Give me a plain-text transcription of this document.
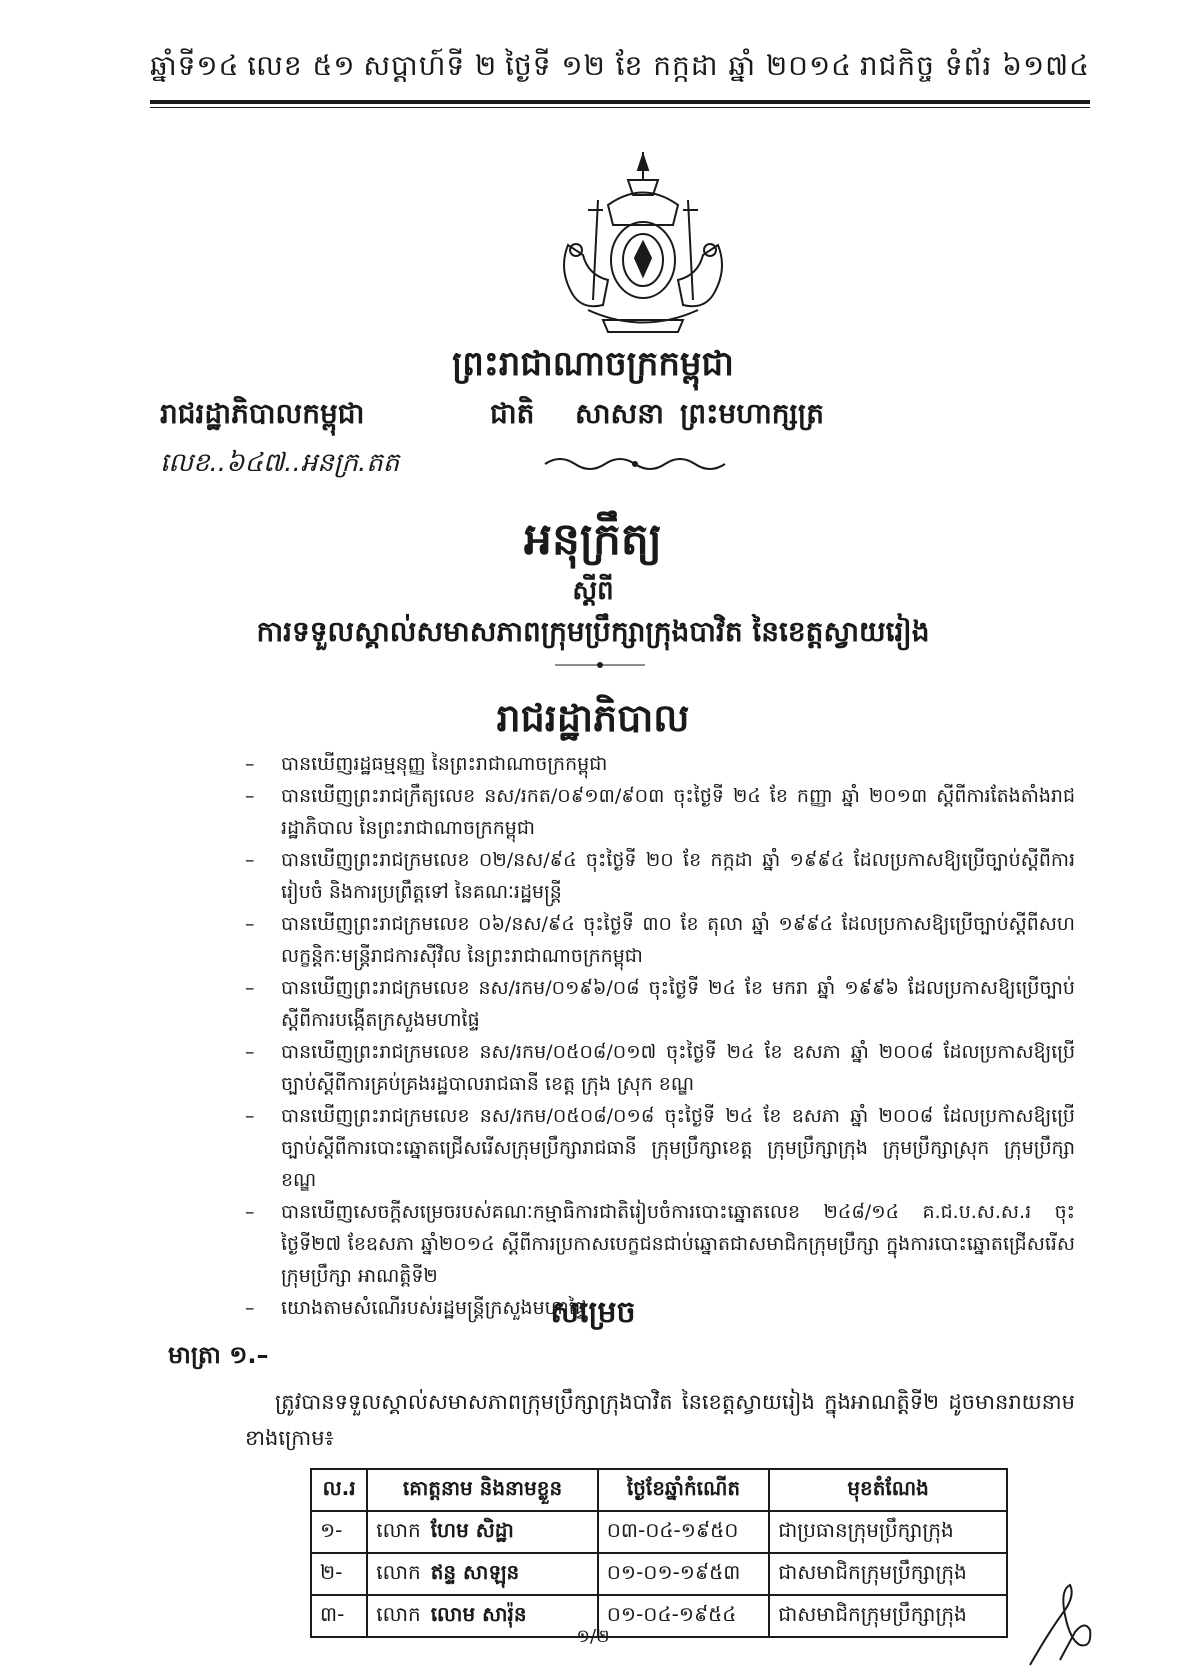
ឆ្នាំទី១៤ លេខ ៥១ សប្តាហ៍ទី ២ ថ្ងៃទី ១២ ខែ កក្កដា ឆ្នាំ ២០១៤ រាជកិច្ច ទំព័រ ៦១៧៤
ព្រះរាជាណាចក្រកម្ពុជា
រាជរដ្ឋាភិបាលកម្ពុជា	ជាតិ សាសនា ព្រះមហាក្សត្រ
លេខ..៦៤៧..អនក្រ.តត
អនុក្រឹត្យ
ស្តីពី
ការទទួលស្គាល់សមាសភាពក្រុមប្រឹក្សាក្រុងបាវិត នៃខេត្តស្វាយរៀង
រាជរដ្ឋាភិបាល
– បានឃើញរដ្ឋធម្មនុញ្ញ នៃព្រះរាជាណាចក្រកម្ពុជា
– បានឃើញព្រះរាជក្រឹត្យលេខ នស/រកត/០៩១៣/៩០៣ ចុះថ្ងៃទី ២៤ ខែ កញ្ញា ឆ្នាំ ២០១៣ ស្តីពីការតែងតាំងរាជរដ្ឋាភិបាល នៃព្រះរាជាណាចក្រកម្ពុជា
– បានឃើញព្រះរាជក្រមលេខ ០២/នស/៩៤ ចុះថ្ងៃទី ២០ ខែ កក្កដា ឆ្នាំ ១៩៩៤ ដែលប្រកាសឱ្យប្រើច្បាប់ស្តីពីការរៀបចំ និងការប្រព្រឹត្តទៅ នៃគណៈរដ្ឋមន្ត្រី
– បានឃើញព្រះរាជក្រមលេខ ០៦/នស/៩៤ ចុះថ្ងៃទី ៣០ ខែ តុលា ឆ្នាំ ១៩៩៤ ដែលប្រកាសឱ្យប្រើច្បាប់ស្តីពីសហលក្ខន្តិកៈមន្ត្រីរាជការស៊ីវិល នៃព្រះរាជាណាចក្រកម្ពុជា
– បានឃើញព្រះរាជក្រមលេខ នស/រកម/០១៩៦/០៨ ចុះថ្ងៃទី ២៤ ខែ មករា ឆ្នាំ ១៩៩៦ ដែលប្រកាសឱ្យប្រើច្បាប់ស្តីពីការបង្កើតក្រសួងមហាផ្ទៃ
– បានឃើញព្រះរាជក្រមលេខ នស/រកម/០៥០៨/០១៧ ចុះថ្ងៃទី ២៤ ខែ ឧសភា ឆ្នាំ ២០០៨ ដែលប្រកាសឱ្យប្រើច្បាប់ស្តីពីការគ្រប់គ្រងរដ្ឋបាលរាជធានី ខេត្ត ក្រុង ស្រុក ខណ្ឌ
– បានឃើញព្រះរាជក្រមលេខ នស/រកម/០៥០៨/០១៨ ចុះថ្ងៃទី ២៤ ខែ ឧសភា ឆ្នាំ ២០០៨ ដែលប្រកាសឱ្យប្រើច្បាប់ស្តីពីការបោះឆ្នោតជ្រើសរើសក្រុមប្រឹក្សារាជធានី ក្រុមប្រឹក្សាខេត្ត ក្រុមប្រឹក្សាក្រុង ក្រុមប្រឹក្សាស្រុក ក្រុមប្រឹក្សាខណ្ឌ
– បានឃើញសេចក្តីសម្រេចរបស់គណៈកម្មាធិការជាតិរៀបចំការបោះឆ្នោតលេខ ២៤៨/១៤ គ.ជ.ប.ស.ស.រ ចុះថ្ងៃទី២៧ ខែឧសភា ឆ្នាំ២០១៤ ស្តីពីការប្រកាសបេក្ខជនជាប់ឆ្នោតជាសមាជិកក្រុមប្រឹក្សា ក្នុងការបោះឆ្នោតជ្រើសរើសក្រុមប្រឹក្សា អាណត្តិទី២
– យោងតាមសំណើរបស់រដ្ឋមន្ត្រីក្រសួងមហាផ្ទៃ
សម្រេច
មាត្រា ១.–
ត្រូវបានទទួលស្គាល់សមាសភាពក្រុមប្រឹក្សាក្រុងបាវិត នៃខេត្តស្វាយរៀង ក្នុងអាណត្តិទី២ ដូចមានរាយនាមខាងក្រោម៖
ល.រ	គោត្តនាម និងនាមខ្លួន	ថ្ងៃខែឆ្នាំកំណើត	មុខតំណែង
១-	លោក ហែម សិដ្ឋា	០៣-០៤-១៩៥០	ជាប្រធានក្រុមប្រឹក្សាក្រុង
២-	លោក ឥន្ទ សាឡុន	០១-០១-១៩៥៣	ជាសមាជិកក្រុមប្រឹក្សាក្រុង
៣-	លោក លោម សារ៉ុន	០១-០៤-១៩៥៤	ជាសមាជិកក្រុមប្រឹក្សាក្រុង
១/២
